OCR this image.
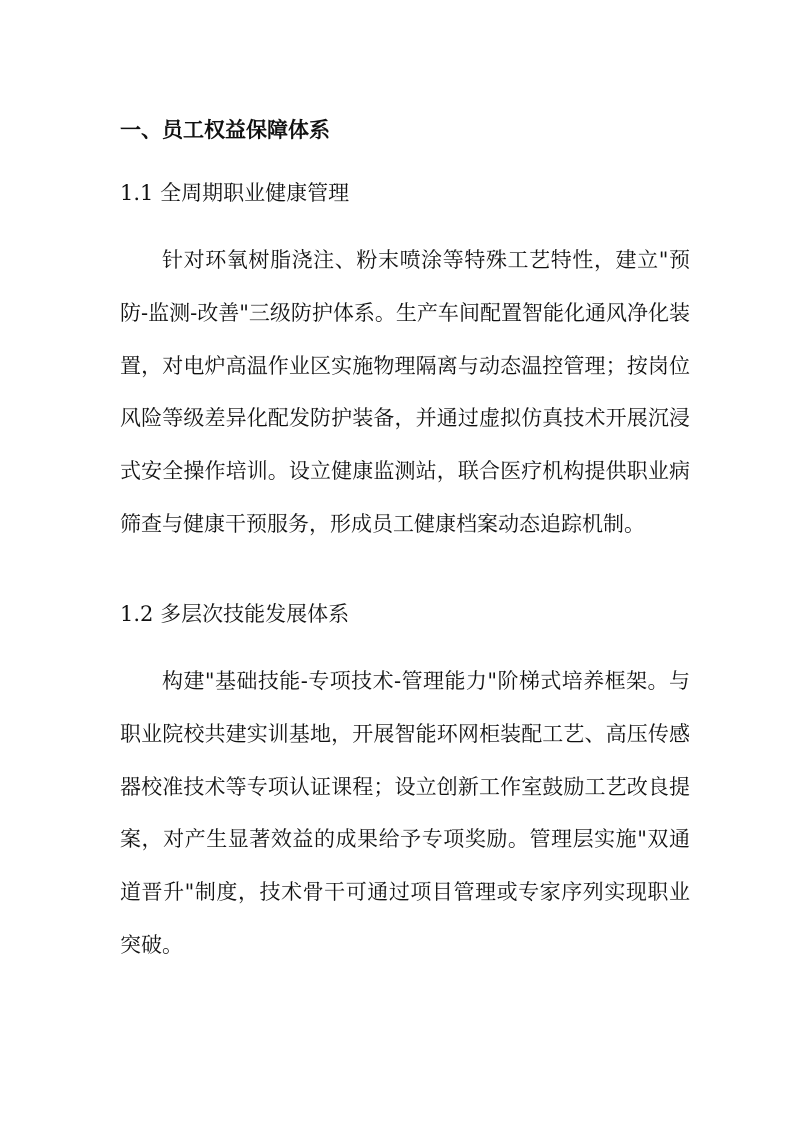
一、员工权益保障体系
1.1 全周期职业健康管理

针对环氧树脂浇注、粉末喷涂等特殊工艺特性，建立"预防-监测-改善"三级防护体系。生产车间配置智能化通风净化装置，对电炉高温作业区实施物理隔离与动态温控管理；按岗位风险等级差异化配发防护装备，并通过虚拟仿真技术开展沉浸式安全操作培训。设立健康监测站，联合医疗机构提供职业病筛查与健康干预服务，形成员工健康档案动态追踪机制。

1.2 多层次技能发展体系

构建"基础技能-专项技术-管理能力"阶梯式培养框架。与职业院校共建实训基地，开展智能环网柜装配工艺、高压传感器校准技术等专项认证课程；设立创新工作室鼓励工艺改良提案，对产生显著效益的成果给予专项奖励。管理层实施"双通道晋升"制度，技术骨干可通过项目管理或专家序列实现职业突破。
